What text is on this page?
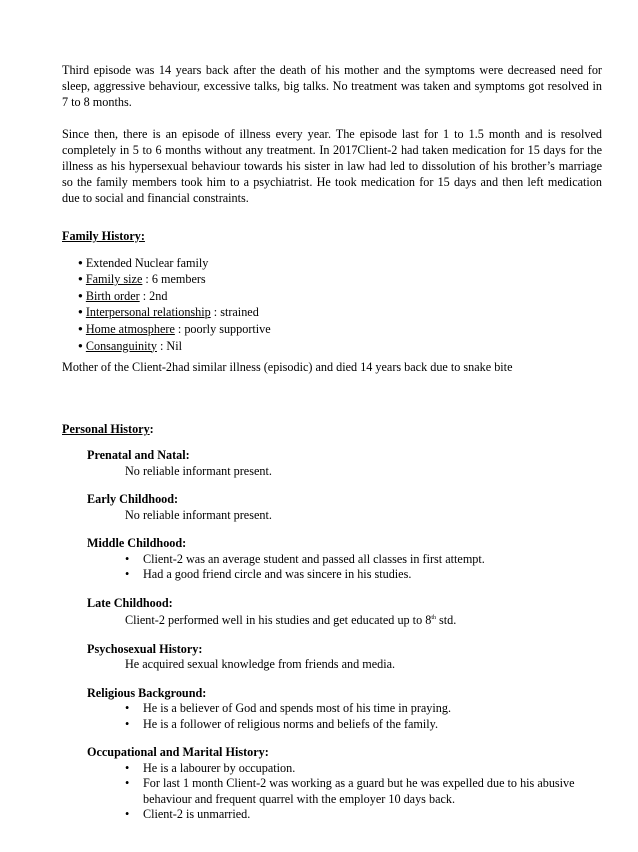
Third episode was 14 years back after the death of his mother and the symptoms were decreased need for sleep, aggressive behaviour, excessive talks, big talks. No treatment was taken and symptoms got resolved in 7 to 8 months.

Since then, there is an episode of illness every year. The episode last for 1 to 1.5 month and is resolved completely in 5 to 6 months without any treatment. In 2017Client-2 had taken medication for 15 days for the illness as his hypersexual behaviour towards his sister in law had led to dissolution of his brother’s marriage so the family members took him to a psychiatrist. He took medication for 15 days and then left medication due to social and financial constraints.

Family History:
● Extended Nuclear family
● Family size : 6 members
● Birth order : 2nd
● Interpersonal relationship : strained
● Home atmosphere : poorly supportive
● Consanguinity : Nil

Mother of the Client-2had similar illness (episodic) and died 14 years back due to snake bite

Personal History:
Prenatal and Natal:
No reliable informant present.
Early Childhood:
No reliable informant present.
Middle Childhood:
• Client-2 was an average student and passed all classes in first attempt.
• Had a good friend circle and was sincere in his studies.
Late Childhood:
Client-2 performed well in his studies and get educated up to 8th std.
Psychosexual History:
He acquired sexual knowledge from friends and media.
Religious Background:
• He is a believer of God and spends most of his time in praying.
• He is a follower of religious norms and beliefs of the family.
Occupational and Marital History:
• He is a labourer by occupation.
• For last 1 month Client-2 was working as a guard but he was expelled due to his abusive behaviour and frequent quarrel with the employer 10 days back.
• Client-2 is unmarried.
